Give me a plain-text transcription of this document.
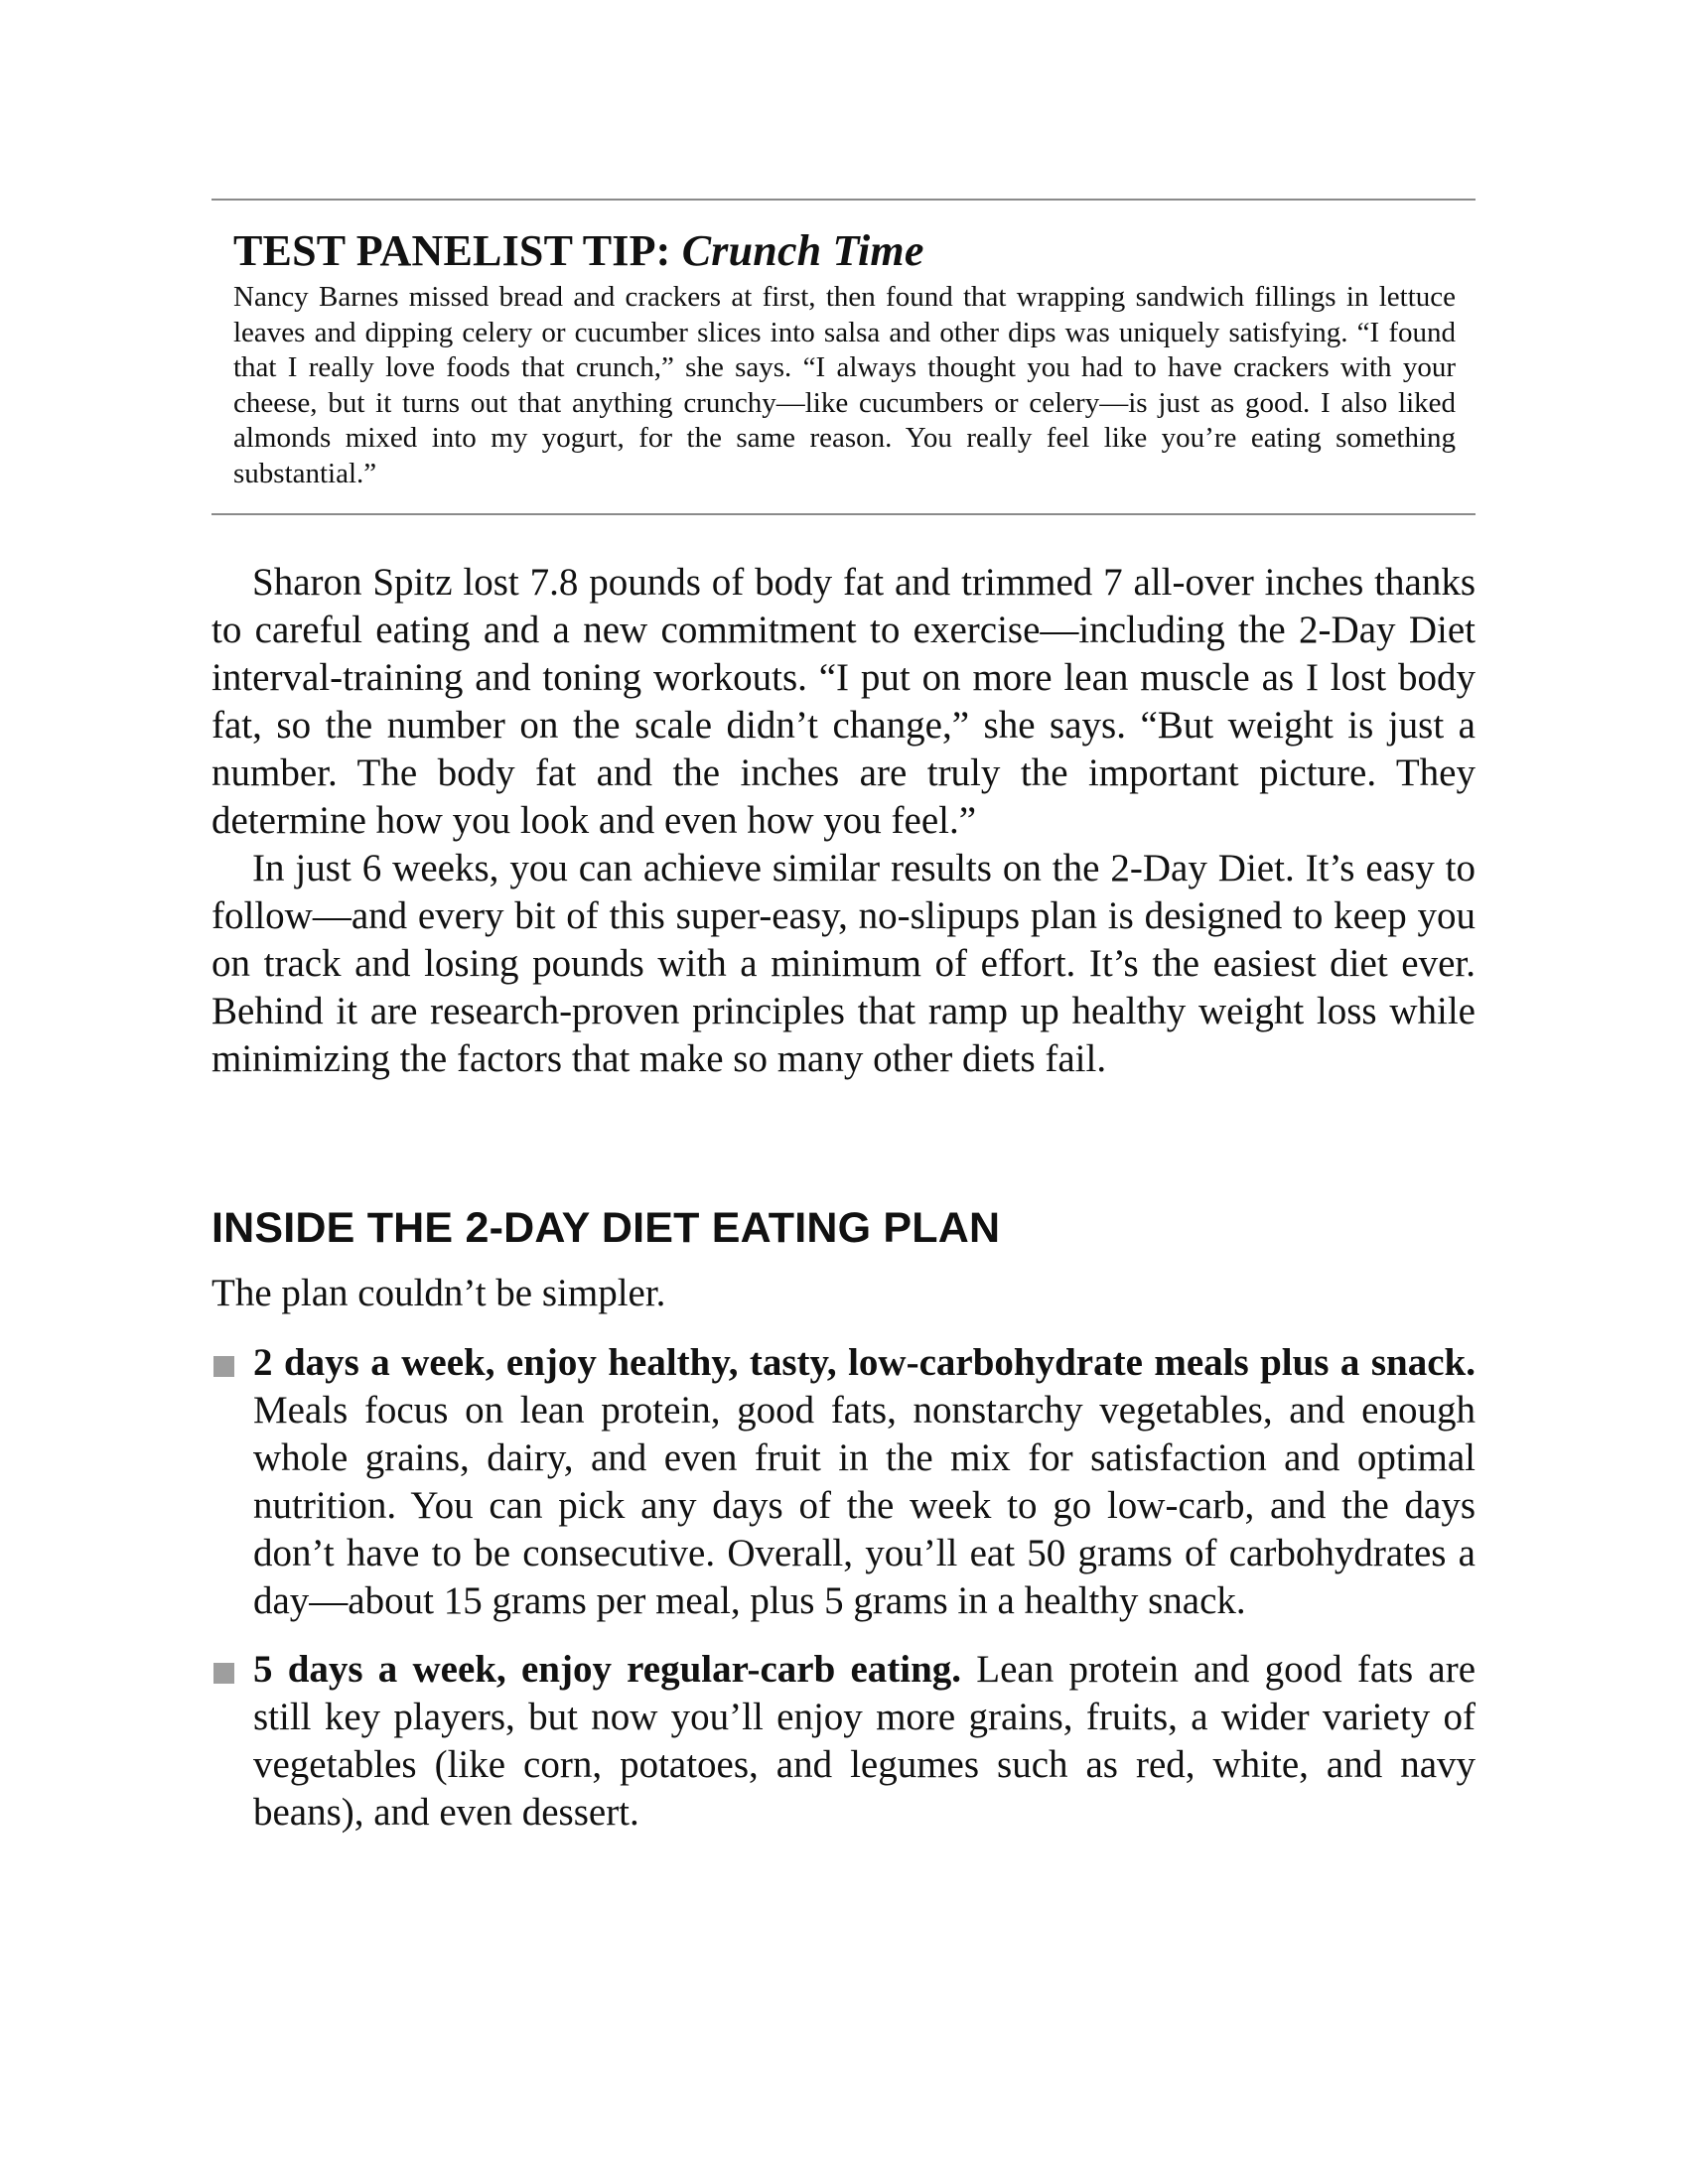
TEST PANELIST TIP: Crunch Time

Nancy Barnes missed bread and crackers at first, then found that wrapping sandwich fillings in lettuce leaves and dipping celery or cucumber slices into salsa and other dips was uniquely satisfying. “I found that I really love foods that crunch,” she says. “I always thought you had to have crackers with your cheese, but it turns out that anything crunchy—like cucumbers or celery—is just as good. I also liked almonds mixed into my yogurt, for the same reason. You really feel like you’re eating something substantial.”

Sharon Spitz lost 7.8 pounds of body fat and trimmed 7 all-over inches thanks to careful eating and a new commitment to exercise—including the 2-Day Diet interval-training and toning workouts. “I put on more lean muscle as I lost body fat, so the number on the scale didn’t change,” she says. “But weight is just a number. The body fat and the inches are truly the important picture. They determine how you look and even how you feel.”

In just 6 weeks, you can achieve similar results on the 2-Day Diet. It’s easy to follow—and every bit of this super-easy, no-slipups plan is designed to keep you on track and losing pounds with a minimum of effort. It’s the easiest diet ever. Behind it are research-proven principles that ramp up healthy weight loss while minimizing the factors that make so many other diets fail.

INSIDE THE 2-DAY DIET EATING PLAN

The plan couldn’t be simpler.

2 days a week, enjoy healthy, tasty, low-carbohydrate meals plus a snack. Meals focus on lean protein, good fats, nonstarchy vegetables, and enough whole grains, dairy, and even fruit in the mix for satisfaction and optimal nutrition. You can pick any days of the week to go low-carb, and the days don’t have to be consecutive. Overall, you’ll eat 50 grams of carbohydrates a day—about 15 grams per meal, plus 5 grams in a healthy snack.
5 days a week, enjoy regular-carb eating. Lean protein and good fats are still key players, but now you’ll enjoy more grains, fruits, a wider variety of vegetables (like corn, potatoes, and legumes such as red, white, and navy beans), and even dessert.
